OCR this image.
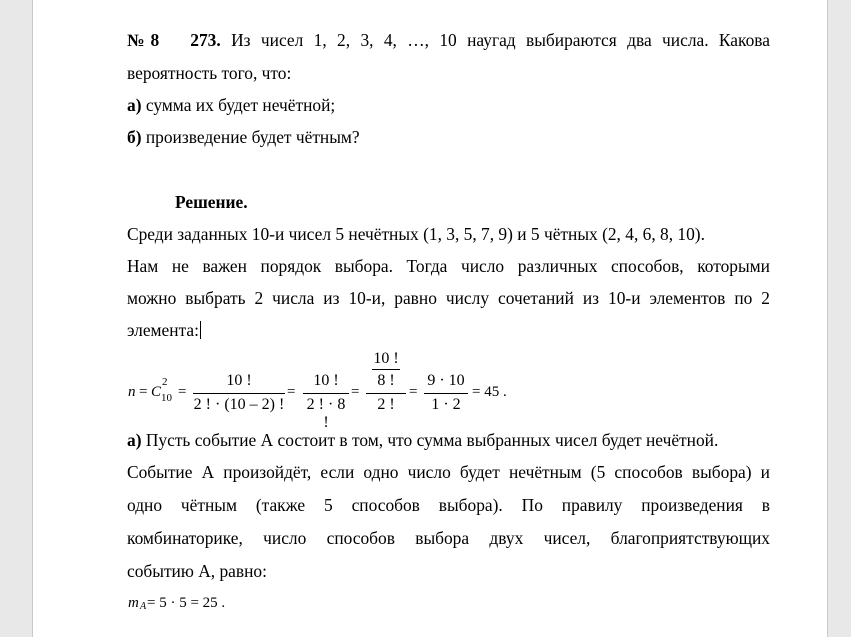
№8 273. Из чисел 1, 2, 3, 4, …, 10 наугад выбираются два числа. Какова
вероятность того, что:
а) сумма их будет нечётной;
б) произведение будет чётным?
Решение.
Среди заданных 10-и чисел 5 нечётных (1, 3, 5, 7, 9) и 5 чётных (2, 4, 6, 8, 10).
Нам не важен порядок выбора. Тогда число различных способов, которыми
можно выбрать 2 числа из 10-и, равно числу сочетаний из 10-и элементов по 2
элемента:
n = C
2
10 =
10 !
2 ! · (10 – 2) !
=
10 !
2 ! · 8 !
=
10 !
8 !
2 !
=
9 · 10
1 · 2
= 45 .
а) Пусть событие А состоит в том, что сумма выбранных чисел будет нечётной.
Событие А произойдёт, если одно число будет нечётным (5 способов выбора) и
одно чётным (также 5 способов выбора). По правилу произведения в
комбинаторике, число способов выбора двух чисел, благоприятствующих
событию А, равно:
m A = 5 · 5 = 25 .
